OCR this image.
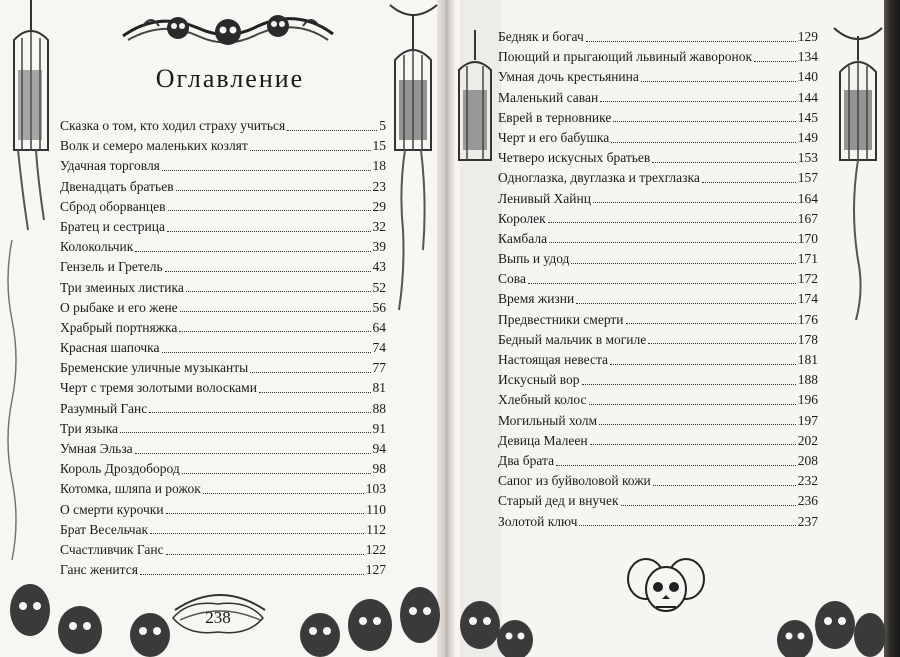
Оглавление
Сказка о том, кто ходил страху учиться	5
Волк и семеро маленьких козлят	15
Удачная торговля	18
Двенадцать братьев	23
Сброд оборванцев	29
Братец и сестрица	32
Колокольчик	39
Гензель и Гретель	43
Три змеиных листика	52
О рыбаке и его жене	56
Храбрый портняжка	64
Красная шапочка	74
Бременские уличные музыканты	77
Черт с тремя золотыми волосками	81
Разумный Ганс	88
Три языка	91
Умная Эльза	94
Король Дроздобород	98
Котомка, шляпа и рожок	103
О смерти курочки	110
Брат Весельчак	112
Счастливчик Ганс	122
Ганс женится	127
Бедняк и богач	129
Поющий и прыгающий львиный жаворонок	134
Умная дочь крестьянина	140
Маленький саван	144
Еврей в терновнике	145
Черт и его бабушка	149
Четверо искусных братьев	153
Одноглазка, двуглазка и трехглазка	157
Ленивый Хайнц	164
Королек	167
Камбала	170
Выпь и удод	171
Сова	172
Время жизни	174
Предвестники смерти	176
Бедный мальчик в могиле	178
Настоящая невеста	181
Искусный вор	188
Хлебный колос	196
Могильный холм	197
Девица Малеен	202
Два брата	208
Сапог из буйволовой кожи	232
Старый дед и внучек	236
Золотой ключ	237
238
